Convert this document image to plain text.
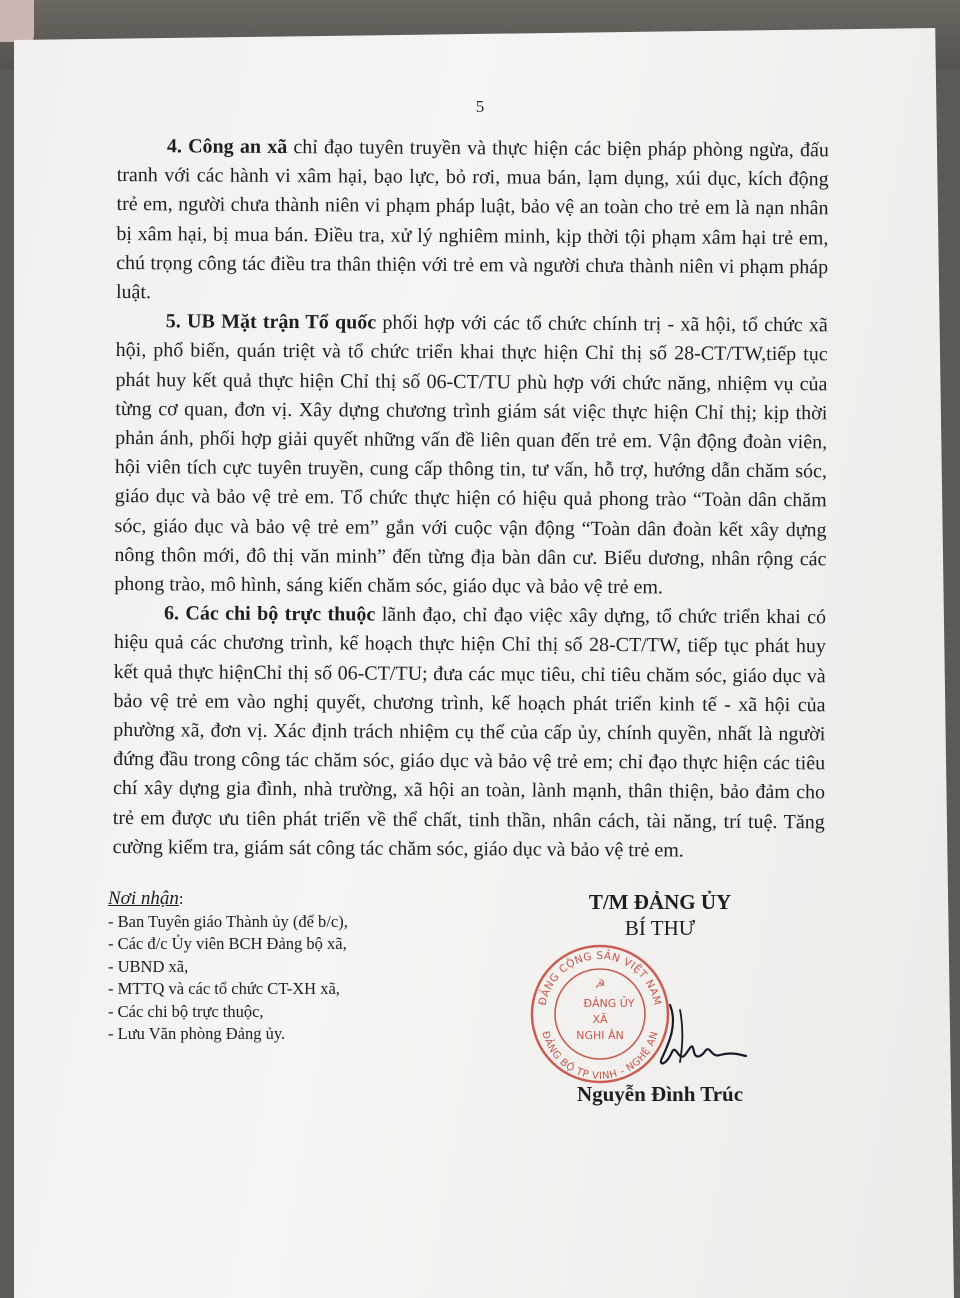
5

4. Công an xã chỉ đạo tuyên truyền và thực hiện các biện pháp phòng ngừa, đấu tranh với các hành vi xâm hại, bạo lực, bỏ rơi, mua bán, lạm dụng, xúi dục, kích động trẻ em, người chưa thành niên vi phạm pháp luật, bảo vệ an toàn cho trẻ em là nạn nhân bị xâm hại, bị mua bán. Điều tra, xử lý nghiêm minh, kịp thời tội phạm xâm hại trẻ em, chú trọng công tác điều tra thân thiện với trẻ em và người chưa thành niên vi phạm pháp luật.

5. UB Mặt trận Tổ quốc phối hợp với các tổ chức chính trị - xã hội, tổ chức xã hội, phổ biến, quán triệt và tổ chức triển khai thực hiện Chỉ thị số 28-CT/TW,tiếp tục phát huy kết quả thực hiện Chỉ thị số 06-CT/TU phù hợp với chức năng, nhiệm vụ của từng cơ quan, đơn vị. Xây dựng chương trình giám sát việc thực hiện Chỉ thị; kịp thời phản ánh, phối hợp giải quyết những vấn đề liên quan đến trẻ em. Vận động đoàn viên, hội viên tích cực tuyên truyền, cung cấp thông tin, tư vấn, hỗ trợ, hướng dẫn chăm sóc, giáo dục và bảo vệ trẻ em. Tổ chức thực hiện có hiệu quả phong trào “Toàn dân chăm sóc, giáo dục và bảo vệ trẻ em” gắn với cuộc vận động “Toàn dân đoàn kết xây dựng nông thôn mới, đô thị văn minh” đến từng địa bàn dân cư. Biểu dương, nhân rộng các phong trào, mô hình, sáng kiến chăm sóc, giáo dục và bảo vệ trẻ em.

6. Các chi bộ trực thuộc lãnh đạo, chỉ đạo việc xây dựng, tổ chức triển khai có hiệu quả các chương trình, kế hoạch thực hiện Chỉ thị số 28-CT/TW, tiếp tục phát huy kết quả thực hiệnChỉ thị số 06-CT/TU; đưa các mục tiêu, chỉ tiêu chăm sóc, giáo dục và bảo vệ trẻ em vào nghị quyết, chương trình, kế hoạch phát triển kinh tế - xã hội của phường xã, đơn vị. Xác định trách nhiệm cụ thể của cấp ủy, chính quyền, nhất là người đứng đầu trong công tác chăm sóc, giáo dục và bảo vệ trẻ em; chỉ đạo thực hiện các tiêu chí xây dựng gia đình, nhà trường, xã hội an toàn, lành mạnh, thân thiện, bảo đảm cho trẻ em được ưu tiên phát triển về thể chất, tinh thần, nhân cách, tài năng, trí tuệ. Tăng cường kiểm tra, giám sát công tác chăm sóc, giáo dục và bảo vệ trẻ em.

Nơi nhận:
- Ban Tuyên giáo Thành ủy (để b/c),
- Các đ/c Ủy viên BCH Đảng bộ xã,
- UBND xã,
- MTTQ và các tổ chức CT-XH xã,
- Các chi bộ trực thuộc,
- Lưu Văn phòng Đảng ủy.
T/M ĐẢNG ỦY
BÍ THƯ
ĐẢNG CỘNG SẢN VIỆT NAM
ĐẢNG BỘ TP VINH - NGHỆ AN
☭
ĐẢNG ỦY
XÃ
NGHI ÂN
Nguyễn Đình Trúc
